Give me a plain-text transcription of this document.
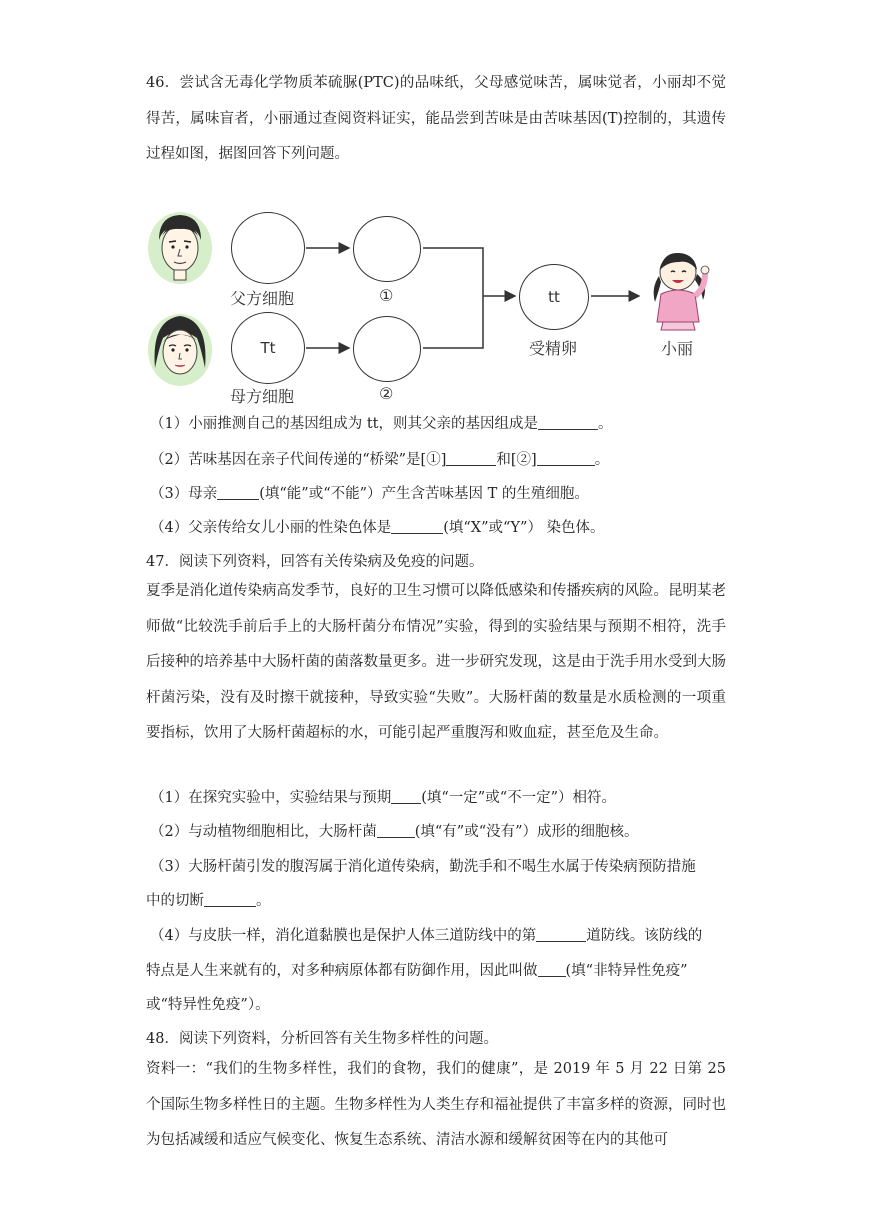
46．尝试含无毒化学物质苯硫脲(PTC)的品味纸，父母感觉味苦，属味觉者，小丽却不觉得苦，属味盲者，小丽通过查阅资料证实，能品尝到苦味是由苦味基因(T)控制的，其遗传过程如图，据图回答下列问题。
父方细胞
Tt
母方细胞
①
②
tt
受精卵	小丽
（1）小丽推测自己的基因组成为 tt，则其父亲的基因组成是	。
（2）苦味基因在亲子代间传递的“桥梁”是[①]	和[②]	。
（3）母亲	(填“能”或“不能”）产生含苦味基因 T 的生殖细胞。
（4）父亲传给女儿小丽的性染色体是	(填“X”或“Y”） 染色体。
47．阅读下列资料，回答有关传染病及免疫的问题。
夏季是消化道传染病高发季节，良好的卫生习惯可以降低感染和传播疾病的风险。昆明某老师做“比较洗手前后手上的大肠杆菌分布情况”实验，得到的实验结果与预期不相符，洗手后接种的培养基中大肠杆菌的菌落数量更多。进一步研究发现，这是由于洗手用水受到大肠杆菌污染，没有及时擦干就接种，导致实验“失败”。大肠杆菌的数量是水质检测的一项重要指标，饮用了大肠杆菌超标的水，可能引起严重腹泻和败血症，甚至危及生命。
（1）在探究实验中，实验结果与预期 (填“一定”或“不一定”）相符。
（2）与动植物细胞相比，大肠杆菌	(填“有”或“没有”）成形的细胞核。
（3）大肠杆菌引发的腹泻属于消化道传染病，勤洗手和不喝生水属于传染病预防措施
中的切断	。
（4）与皮肤一样，消化道黏膜也是保护人体三道防线中的第	道防线。该防线的
特点是人生来就有的，对多种病原体都有防御作用，因此叫做 (填“非特异性免疫”
或“特异性免疫”）。
48．阅读下列资料，分析回答有关生物多样性的问题。
资料一：“我们的生物多样性，我们的食物，我们的健康”，是 2019 年 5 月 22 日第 25 个国际生物多样性日的主题。生物多样性为人类生存和福祉提供了丰富多样的资源，同时也为包括减缓和适应气候变化、恢复生态系统、清洁水源和缓解贫困等在内的其他可
